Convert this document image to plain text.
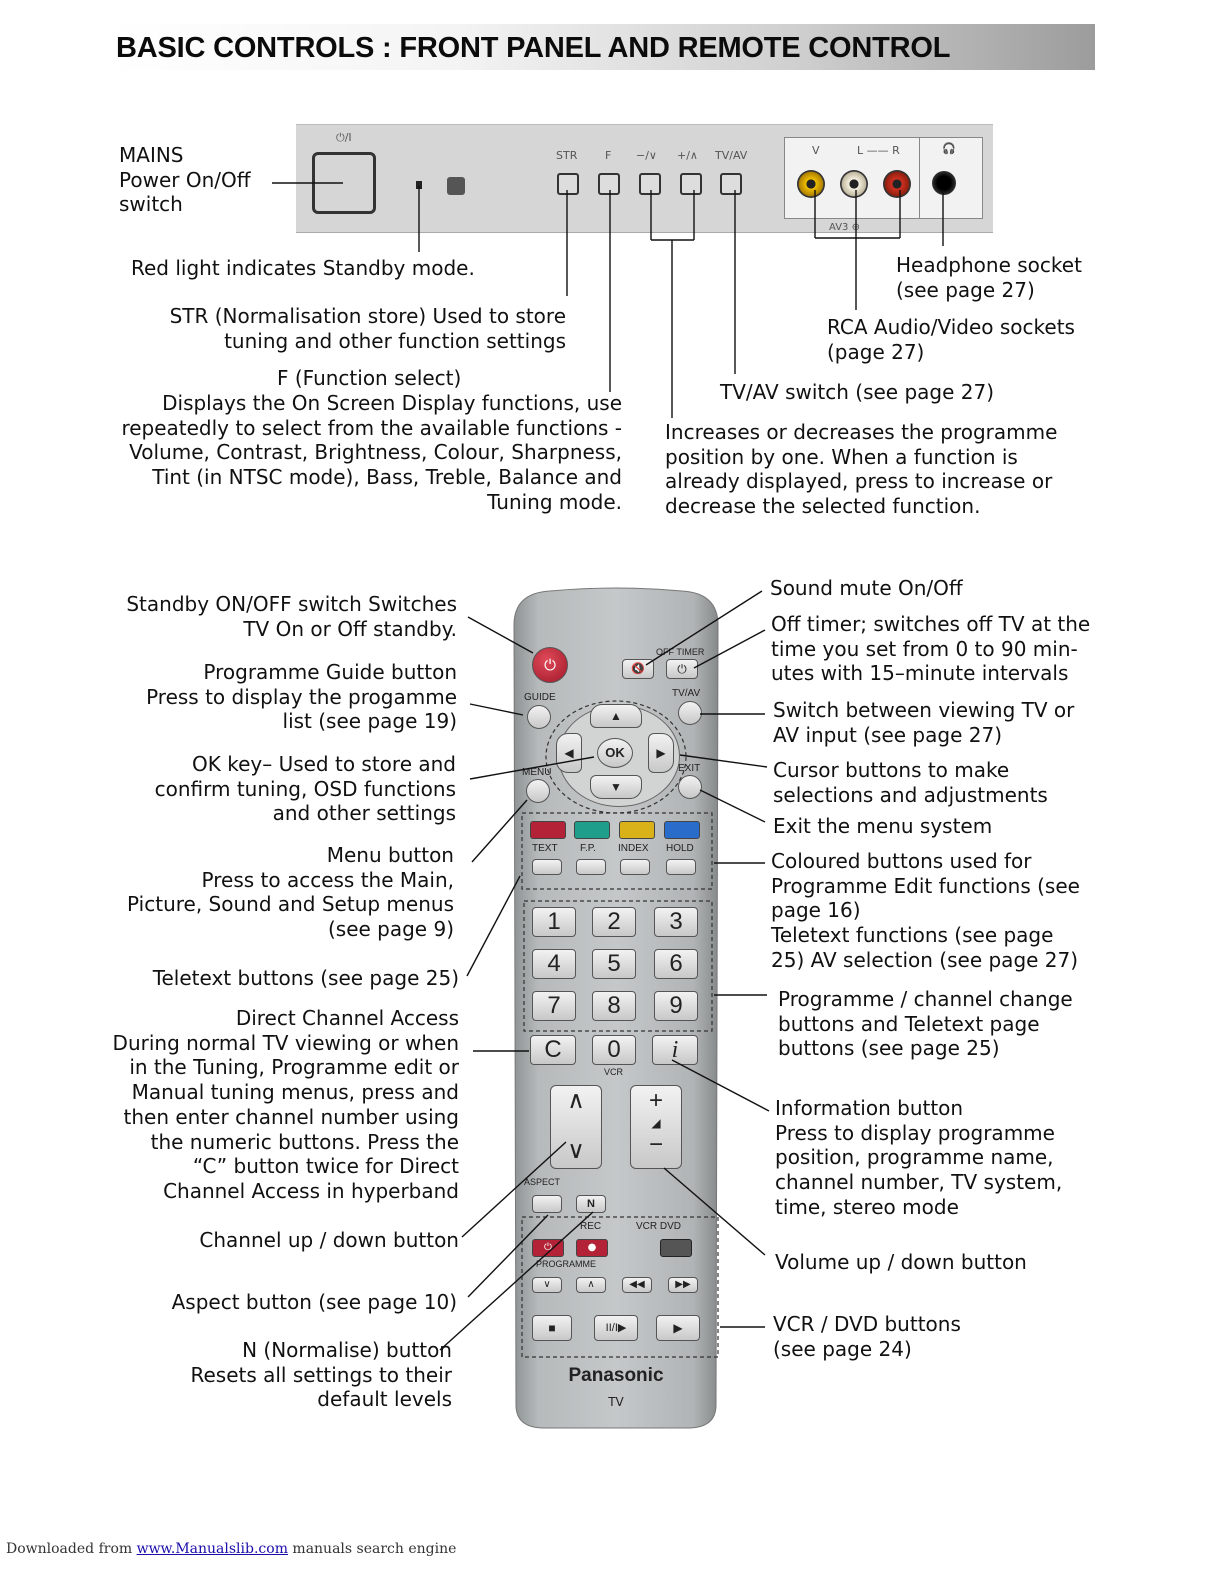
BASIC CONTROLS : FRONT PANEL AND REMOTE CONTROL
⏻/I
STR	F −/∨ +/∧ TV/AV	V	L —— R
AV3 ⊕
🎧
MAINS
Power On/Off
switch
Red light indicates Standby mode.
STR (Normalisation store) Used to store
tuning and other function settings
F (Function select)
Displays the On Screen Display functions, use
repeatedly to select from the available functions -
Volume, Contrast, Brightness, Colour, Sharpness,
Tint (in NTSC mode), Bass, Treble, Balance and
Tuning mode.
Headphone socket
(see page 27)
RCA Audio/Video sockets
(page 27)
TV/AV switch (see page 27)
Increases or decreases the programme
position by one. When a function is
already displayed, press to increase or
decrease the selected function.
⏻	🔇
OFF TIMER
⏻
GUIDE	TV/AV
▲
▼
◀	▶
OK
MENU	EXIT
TEXT F.P. INDEX HOLD
1	2	3
4	5	6
7	8	9
C	0
VCR
i
∧
∨
+
◢
−
ASPECT
N
REC	VCR DVD
⏻	●
PROGRAMME
∨	∧	◀◀	▶▶
■	II/I▶	▶
Panasonic
TV
Standby ON/OFF switch Switches
TV On or Off standby.
Programme Guide button
Press to display the progamme
list (see page 19)
OK key– Used to store and
confirm tuning, OSD functions
and other settings
Menu button
Press to access the Main,
Picture, Sound and Setup menus
(see page 9)
Teletext buttons (see page 25)
Direct Channel Access
During normal TV viewing or when
in the Tuning, Programme edit or
Manual tuning menus, press and
then enter channel number using
the numeric buttons. Press the
“C” button twice for Direct
Channel Access in hyperband
Channel up / down button
Aspect button (see page 10)
N (Normalise) button
Resets all settings to their
default levels
Sound mute On/Off
Off timer; switches off TV at the
time you set from 0 to 90 min-
utes with 15–minute intervals
Switch between viewing TV or
AV input (see page 27)
Cursor buttons to make
selections and adjustments
Exit the menu system
Coloured buttons used for
Programme Edit functions (see
page 16)
Teletext functions (see page
25) AV selection (see page 27)
Programme / channel change
buttons and Teletext page
buttons (see page 25)
Information button
Press to display programme
position, programme name,
channel number, TV system,
time, stereo mode
Volume up / down button
VCR / DVD buttons
(see page 24)
Downloaded from www.Manualslib.com manuals search engine
